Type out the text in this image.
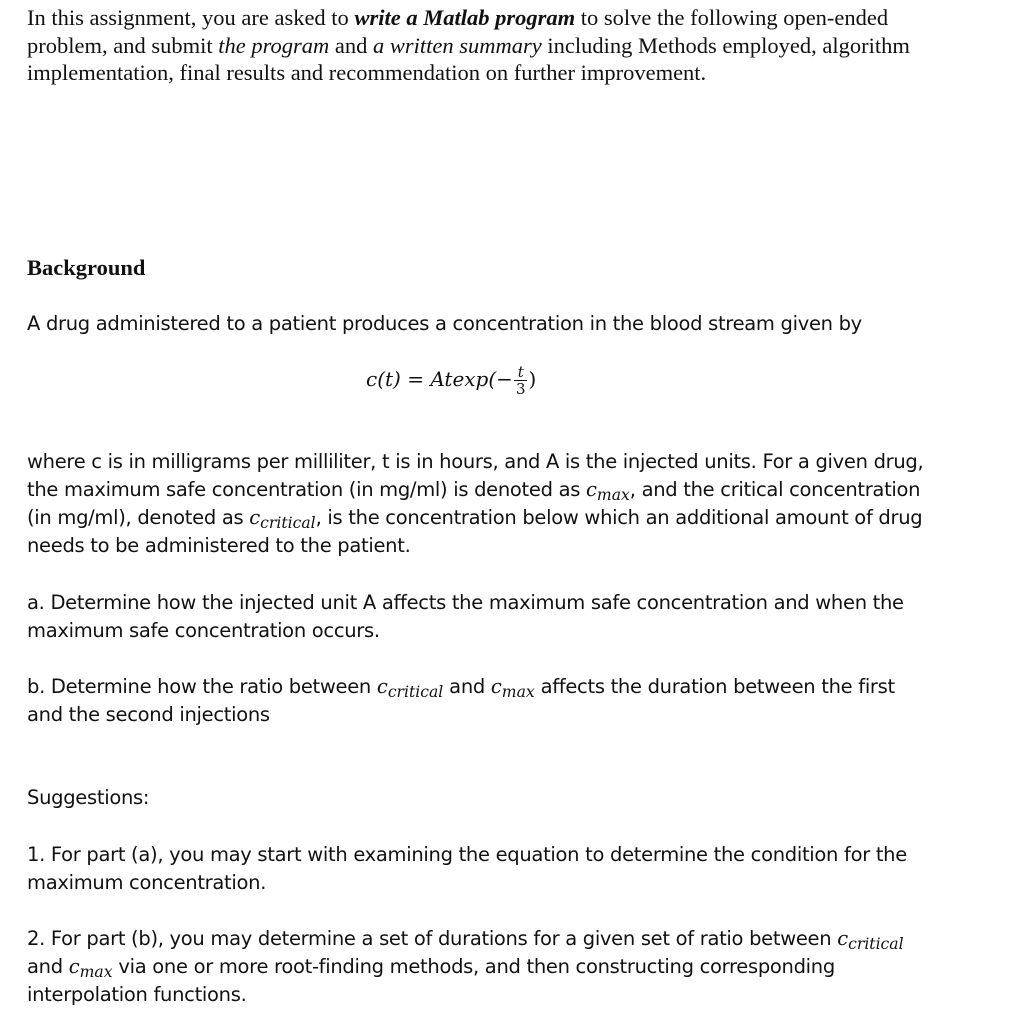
In this assignment, you are asked to write a Matlab program to solve the following open-ended problem, and submit the program and a written summary including Methods employed, algorithm implementation, final results and recommendation on further improvement.

Background

A drug administered to a patient produces a concentration in the blood stream given by

$c(t) = Atexp(- \frac{t}{3}$ )

where c is in milligrams per milliliter, t is in hours, and A is the injected units. For a given drug, the maximum safe concentration (in mg/ml) is denoted as $c_{max}$, and the critical concentration (in mg/ml), denoted as $c_{critical}$, is the concentration below which an additional amount of drug needs to be administered to the patient.

a. Determine how the injected unit A affects the maximum safe concentration and when the maximum safe concentration occurs.

b. Determine how the ratio between $c_{critical}$ and $c_{max}$ affects the duration between the first and the second injections

Suggestions:

1. For part (a), you may start with examining the equation to determine the condition for the maximum concentration.

2. For part (b), you may determine a set of durations for a given set of ratio between $c_{critical}$ and $c_{max}$ via one or more root-finding methods, and then constructing corresponding interpolation functions.
